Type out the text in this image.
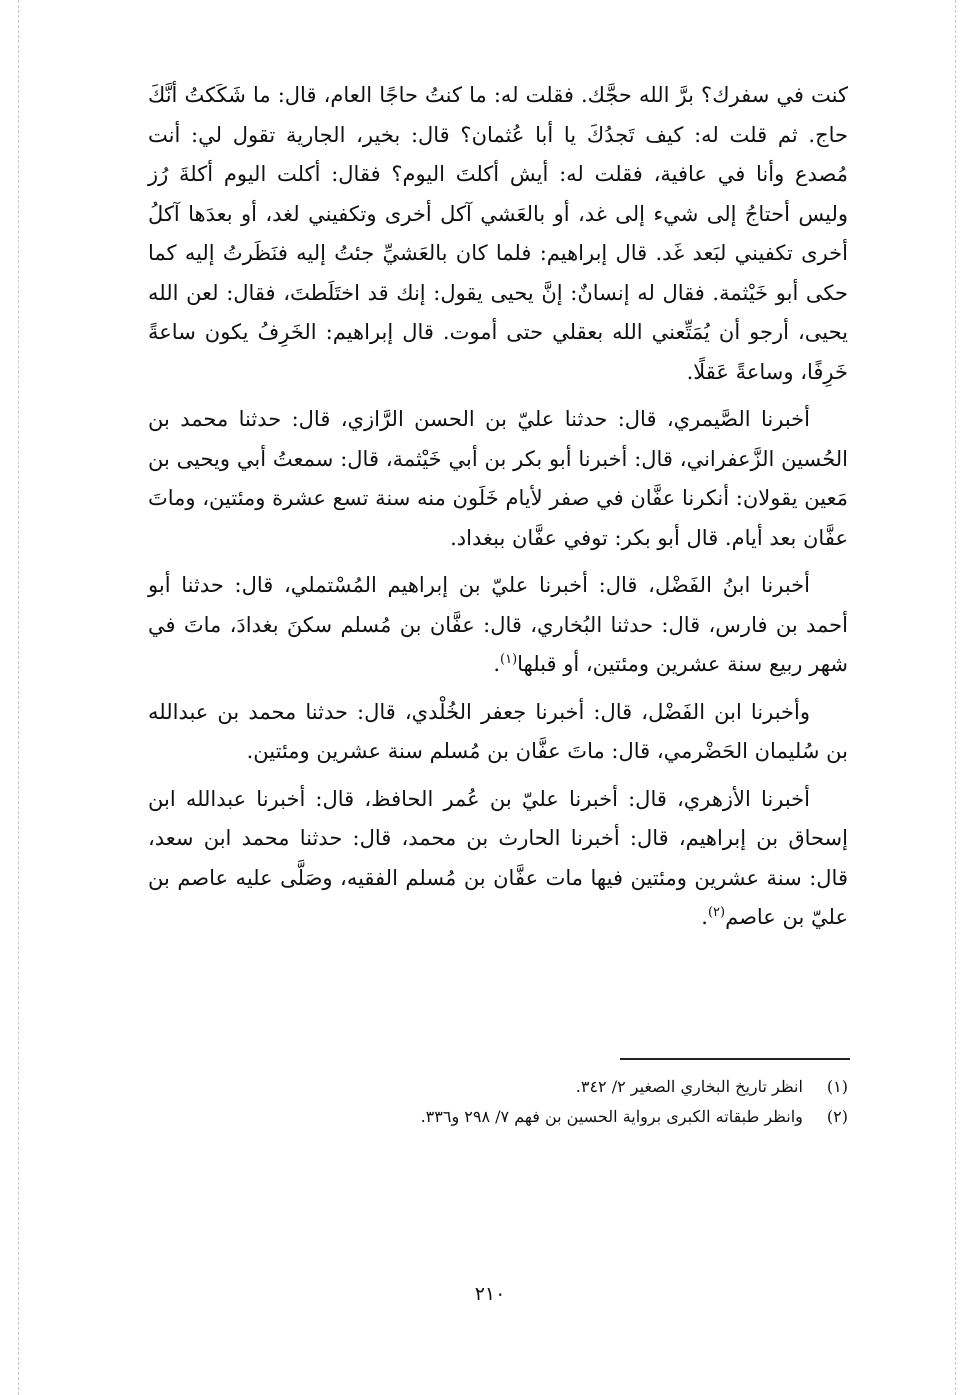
كنت في سفرك؟ برَّ الله حجَّك. فقلت له: ما كنتُ حاجًا العام، قال: ما شَكَكتُ أنَّكَ حاج. ثم قلت له: كيف تَجدُكَ يا أبا عُثمان؟ قال: بخير، الجارية تقول لي: أنت مُصدع وأنا في عافية، فقلت له: أيش أكلتَ اليوم؟ فقال: أكلت اليوم أكلةَ رُز وليس أحتاجُ إلى شيء إلى غد، أو بالعَشي آكل أخرى وتكفيني لغد، أو بعدَها آكلُ أخرى تكفيني لبَعد غَد. قال إبراهيم: فلما كان بالعَشيِّ جئتُ إليه فنَظَرتُ إليه كما حكى أبو خَيْثمة. فقال له إنسانٌ: إنَّ يحيى يقول: إنك قد اختَلَطتَ، فقال: لعن الله يحيى، أرجو أن يُمَتِّعني الله بعقلي حتى أموت. قال إبراهيم: الخَرِفُ يكون ساعةً خَرِفًا، وساعةً عَقلًا.

أخبرنا الصَّيمري، قال: حدثنا عليّ بن الحسن الرَّازي، قال: حدثنا محمد بن الحُسين الزَّعفراني، قال: أخبرنا أبو بكر بن أبي خَيْثمة، قال: سمعتُ أبي ويحيى بن مَعين يقولان: أنكرنا عفَّان في صفر لأيام خَلَون منه سنة تسع عشرة ومئتين، وماتَ عفَّان بعد أيام. قال أبو بكر: توفي عفَّان ببغداد.

أخبرنا ابنُ الفَضْل، قال: أخبرنا عليّ بن إبراهيم المُسْتملي، قال: حدثنا أبو أحمد بن فارس، قال: حدثنا البُخاري، قال: عفَّان بن مُسلم سكنَ بغدادَ، ماتَ في شهر ربيع سنة عشرين ومئتين، أو قبلها$^{(١)}$.

وأخبرنا ابن الفَضْل، قال: أخبرنا جعفر الخُلْدي، قال: حدثنا محمد بن عبدالله بن سُليمان الحَضْرمي، قال: ماتَ عفَّان بن مُسلم سنة عشرين ومئتين.

أخبرنا الأزهري، قال: أخبرنا عليّ بن عُمر الحافظ، قال: أخبرنا عبدالله ابن إسحاق بن إبراهيم، قال: أخبرنا الحارث بن محمد، قال: حدثنا محمد ابن سعد، قال: سنة عشرين ومئتين فيها مات عفَّان بن مُسلم الفقيه، وصَلَّى عليه عاصم بن عليّ بن عاصم$^{(٢)}$.

(١) انظر تاريخ البخاري الصغير ٢/ ٣٤٢.
(٢) وانظر طبقاته الكبرى برواية الحسين بن فهم ٧/ ٢٩٨ و٣٣٦.
٢١٠
